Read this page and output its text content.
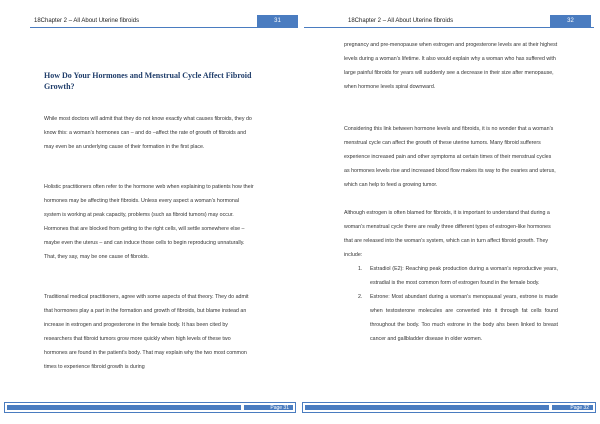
18Chapter 2 – All About Uterine fibroids	31
How Do Your Hormones and Menstrual Cycle Affect Fibroid Growth?

While most doctors will admit that they do not know exactly what causes fibroids, they do know this: a woman’s hormones can – and do –affect the rate of growth of fibroids and may even be an underlying cause of their formation in the first place.

Holistic practitioners often refer to the hormone web when explaining to patients how their hormones may be affecting their fibroids. Unless every aspect a woman’s hormonal system is working at peak capacity, problems (such as fibroid tumors) may occur. Hormones that are blocked from getting to the right cells, will settle somewhere else – maybe even the uterus – and can induce those cells to begin reproducing unnaturally. That, they say, may be one cause of fibroids.

Traditional medical practitioners, agree with some aspects of that theory. They do admit that hormones play a part in the formation and growth of fibroids, but blame instead an increase in estrogen and progesterone in the female body. It has been cited by researchers that fibroid tumors grow more quickly when high levels of these two hormones are found in the patient’s body. That may explain why the two most common times to experience fibroid growth is during

Page 31
18Chapter 2 – All About Uterine fibroids	32

pregnancy and pre-menopause when estrogen and progesterone levels are at their highest levels during a woman’s lifetime. It also would explain why a woman who has suffered with large painful fibroids for years will suddenly see a decrease in their size after menopause, when hormone levels spiral downward.

Considering this link between hormone levels and fibroids, it is no wonder that a woman’s menstrual cycle can affect the growth of these uterine tumors. Many fibroid sufferers experience increased pain and other symptoms at certain times of their menstrual cycles as hormones levels rise and increased blood flow makes its way to the ovaries and uterus, which can help to feed a growing tumor.

Although estrogen is often blamed for fibroids, it is important to understand that during a woman’s menstrual cycle there are really three different types of estrogen-like hormones that are released into the woman’s system, which can in turn affect fibroid growth. They include:

1. Estradiol (E2): Reaching peak production during a woman’s reproductive years, estradial is the most common form of estrogen found in the female body.
2. Estrone: Most abundant during a woman’s menopausal years, estrone is made when testosterone molecules are converted into it through fat cells found throughout the body. Too much estrone in the body ahs been linked to breast cancer and gallbladder disease in older women.
Page 32
